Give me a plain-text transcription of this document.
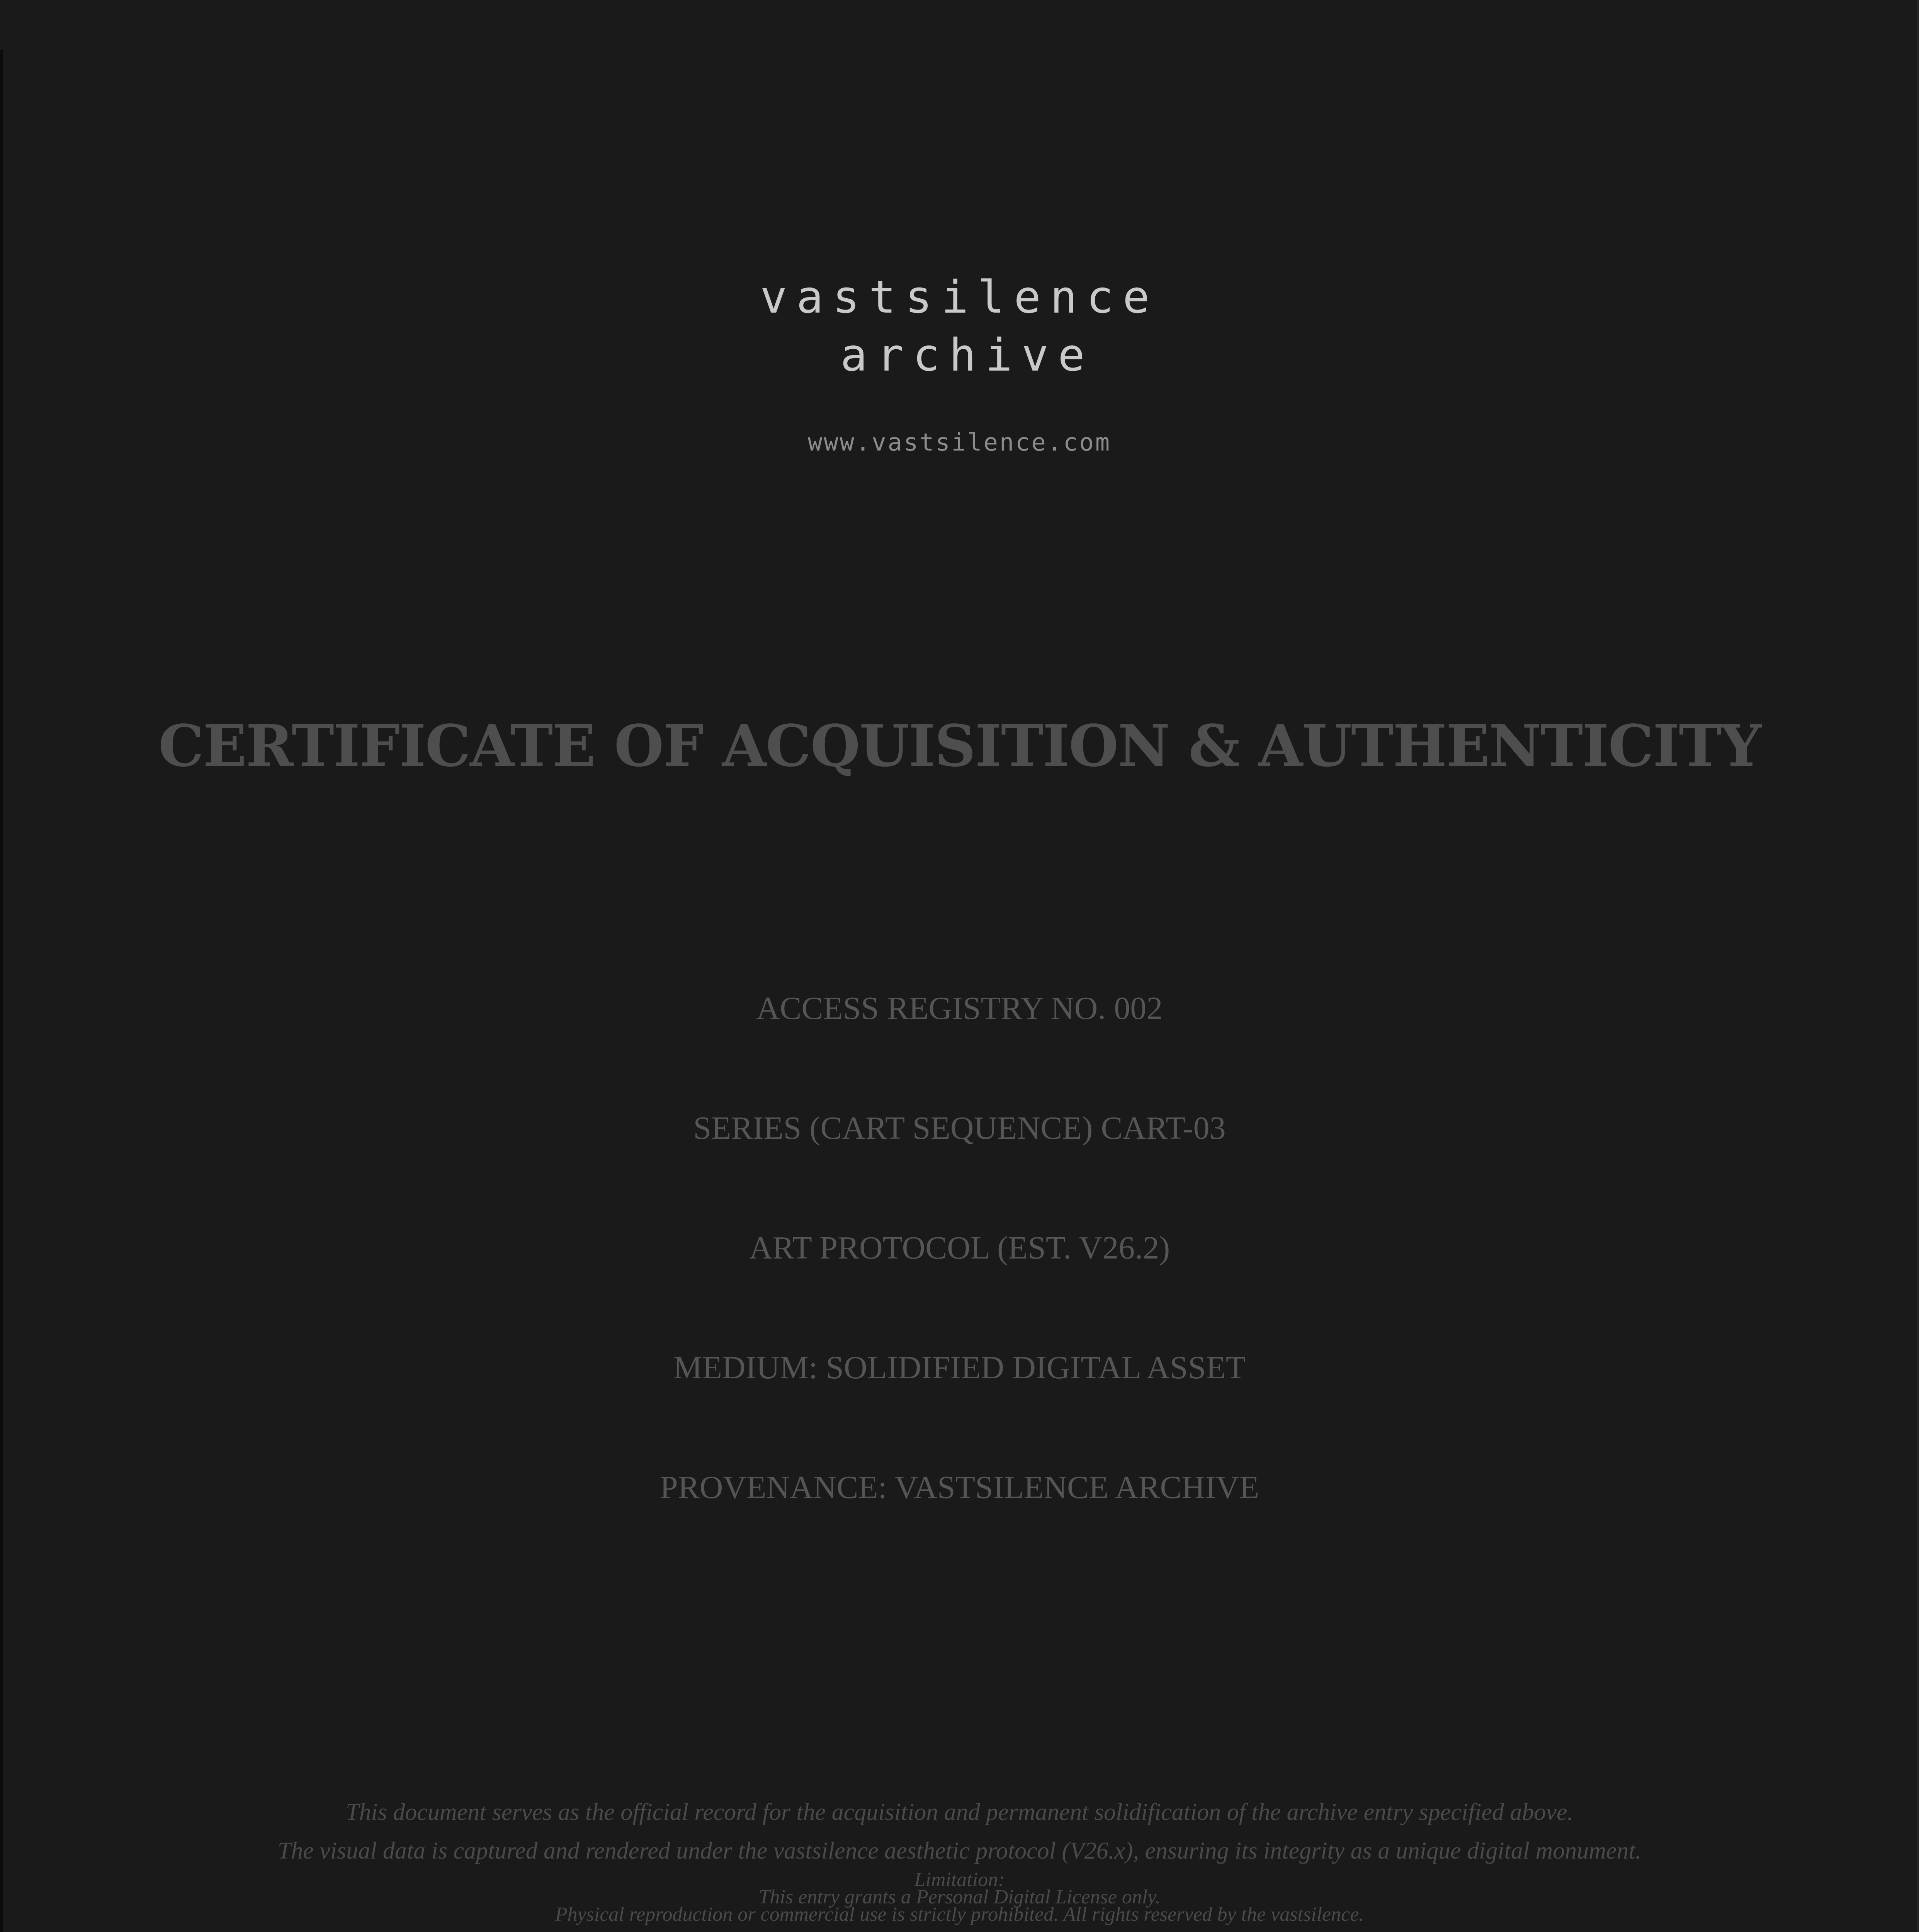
vastsilence
archive
www.vastsilence.com
CERTIFICATE OF ACQUISITION & AUTHENTICITY
ACCESS REGISTRY NO. 002
SERIES (CART SEQUENCE) CART-03
ART PROTOCOL (EST. V26.2)
MEDIUM: SOLIDIFIED DIGITAL ASSET
PROVENANCE: VASTSILENCE ARCHIVE
This document serves as the official record for the acquisition and permanent solidification of the archive entry specified above.
The visual data is captured and rendered under the vastsilence aesthetic protocol (V26.x), ensuring its integrity as a unique digital monument.
Limitation:
This entry grants a Personal Digital License only.
Physical reproduction or commercial use is strictly prohibited. All rights reserved by the vastsilence.
